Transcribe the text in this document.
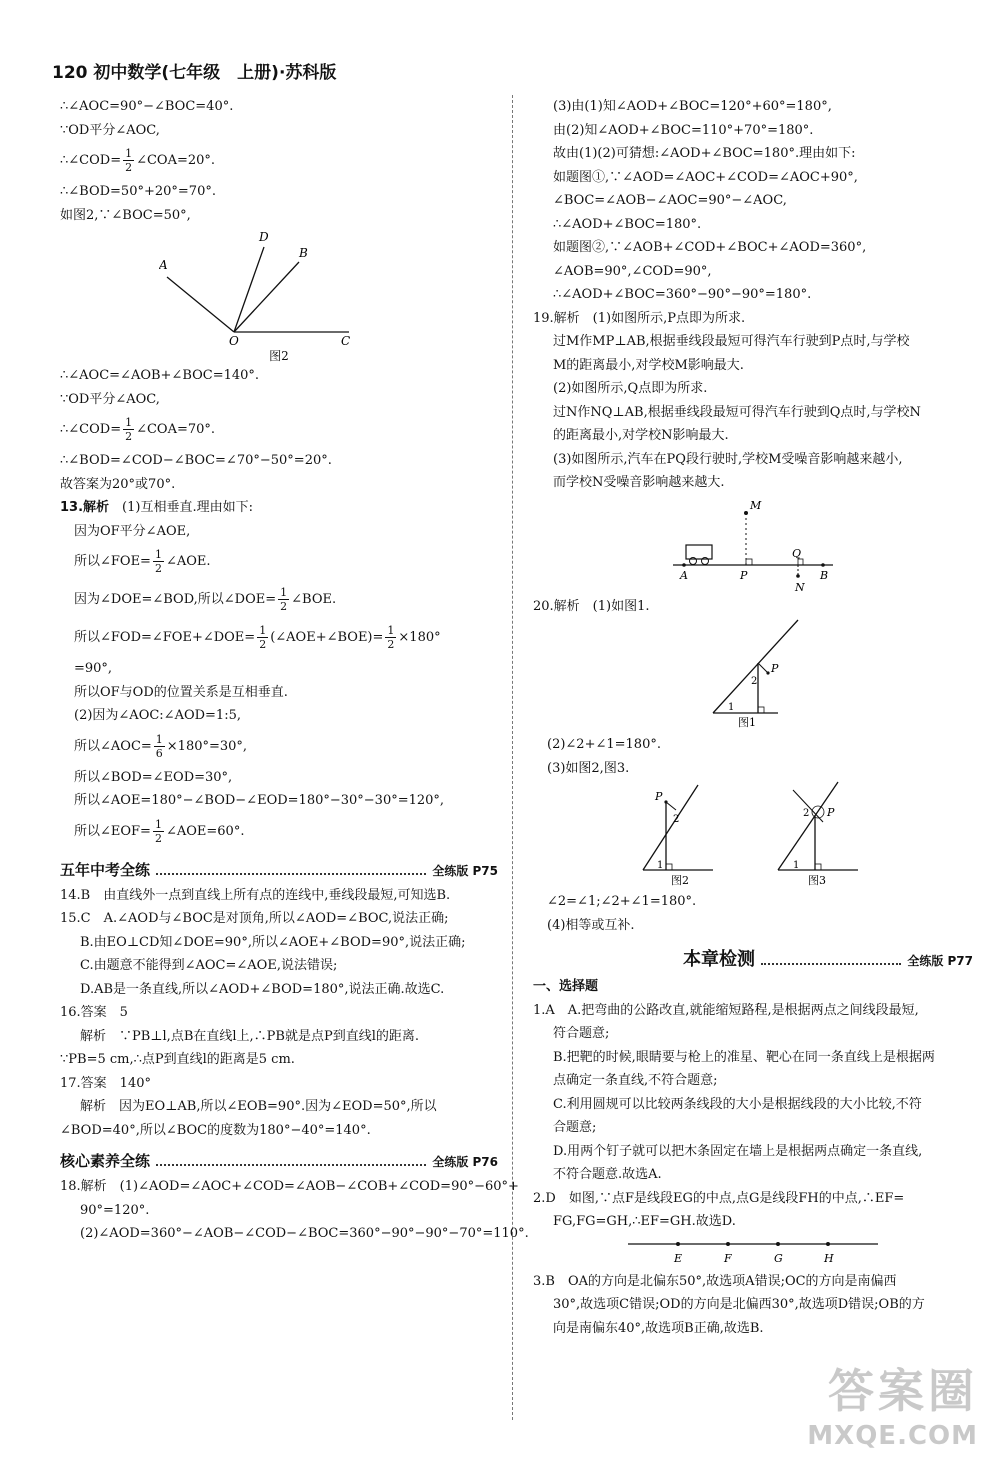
120 初中数学(七年级　上册)·苏科版

∴∠AOC=90°−∠BOC=40°.

∵OD平分∠AOC,

∴∠COD= $\frac{1}{2}$ ∠COA=20°.

∴∠BOD=50°+20°=70°.

如图2,∵∠BOC=50°,

A
D
B
O	C
图2

∴∠AOC=∠AOB+∠BOC=140°.

∵OD平分∠AOC,

∴∠COD= $\frac{1}{2}$ ∠COA=70°.

∴∠BOD=∠COD−∠BOC=∠70°−50°=20°.

故答案为20°或70°.

13.解析　 (1)互相垂直.理由如下:

因为OF平分∠AOE,

所以∠FOE= $\frac{1}{2}$ ∠AOE.

因为∠DOE=∠BOD,所以∠DOE= $\frac{1}{2}$ ∠BOE.

所以∠FOD=∠FOE+∠DOE= $\frac{1}{2}$ (∠AOE+∠BOE)= $\frac{1}{2} \times 180^\circ$

=90°,

所以OF与OD的位置关系是互相垂直.

(2)因为∠AOC:∠AOD=1:5,

所以∠AOC= $\frac{1}{6} \times 180^\circ=30^\circ$,

所以∠BOD=∠EOD=30°,

所以∠AOE=180°−∠BOD−∠EOD=180°−30°−30°=120°,

所以∠EOF= $\frac{1}{2}$ ∠AOE=60°.

五年中考全练	全练版 P75

14.B　由直线外一点到直线上所有点的连线中,垂线段最短,可知选B.

15.C　A.∠AOD与∠BOC是对顶角,所以∠AOD=∠BOC,说法正确;

B.由EO⊥CD知∠DOE=90°,所以∠AOE+∠BOD=90°,说法正确;

C.由题意不能得到∠AOC=∠AOE,说法错误;

D.AB是一条直线,所以∠AOD+∠BOD=180°,说法正确.故选C.

16.答案　5

解析　∵PB⊥l,点B在直线l上,∴PB就是点P到直线l的距离.

∵PB=5 cm,∴点P到直线l的距离是5 cm.

17.答案　140°

解析　因为EO⊥AB,所以∠EOB=90°.因为∠EOD=50°,所以

∠BOD=40°,所以∠BOC的度数为180°−40°=140°.

核心素养全练	全练版 P76

18.解析　(1)∠AOD=∠AOC+∠COD=∠AOB−∠COB+∠COD=90°−60°+

90°=120°.

(2)∠AOD=360°−∠AOB−∠COD−∠BOC=360°−90°−90°−70°=110°.

(3)由(1)知∠AOD+∠BOC=120°+60°=180°,

由(2)知∠AOD+∠BOC=110°+70°=180°.

故由(1)(2)可猜想:∠AOD+∠BOC=180°.理由如下:

如题图①,∵∠AOD=∠AOC+∠COD=∠AOC+90°,

∠BOC=∠AOB−∠AOC=90°−∠AOC,

∴∠AOD+∠BOC=180°.

如题图②,∵∠AOB+∠COD+∠BOC+∠AOD=360°,

∠AOB=90°,∠COD=90°,

∴∠AOD+∠BOC=360°−90°−90°=180°.

19.解析　(1)如图所示,P点即为所求.

过M作MP⊥AB,根据垂线段最短可得汽车行驶到P点时,与学校

M的距离最小,对学校M影响最大.

(2)如图所示,Q点即为所求.

过N作NQ⊥AB,根据垂线段最短可得汽车行驶到Q点时,与学校N

的距离最小,对学校N影响最大.

(3)如图所示,汽车在PQ段行驶时,学校M受噪音影响越来越小,

而学校N受噪音影响越来越大.

M
A	P
Q
N
B

20.解析　(1)如图1.

P
1
2
图1

(2)∠2+∠1=180°.

(3)如图2,图3.

P
1
2
图2
P
1
2
图3

∠2=∠1;∠2+∠1=180°.

(4)相等或互补.

本章检测	全练版 P77

一、选择题

1.A　A.把弯曲的公路改直,就能缩短路程,是根据两点之间线段最短,

符合题意;

B.把靶的时候,眼睛要与枪上的准星、靶心在同一条直线上是根据两

点确定一条直线,不符合题意;

C.利用圆规可以比较两条线段的大小是根据线段的大小比较,不符

合题意;

D.用两个钉子就可以把木条固定在墙上是根据两点确定一条直线,

不符合题意.故选A.

2.D　如图,∵点F是线段EG的中点,点G是线段FH的中点,∴EF=

FG,FG=GH,∴EF=GH.故选D.

E	F	G	H

3.B　OA的方向是北偏东50°,故选项A错误;OC的方向是南偏西

30°,故选项C错误;OD的方向是北偏西30°,故选项D错误;OB的方

向是南偏东40°,故选项B正确,故选B.

答案圈
MXQE.COM
